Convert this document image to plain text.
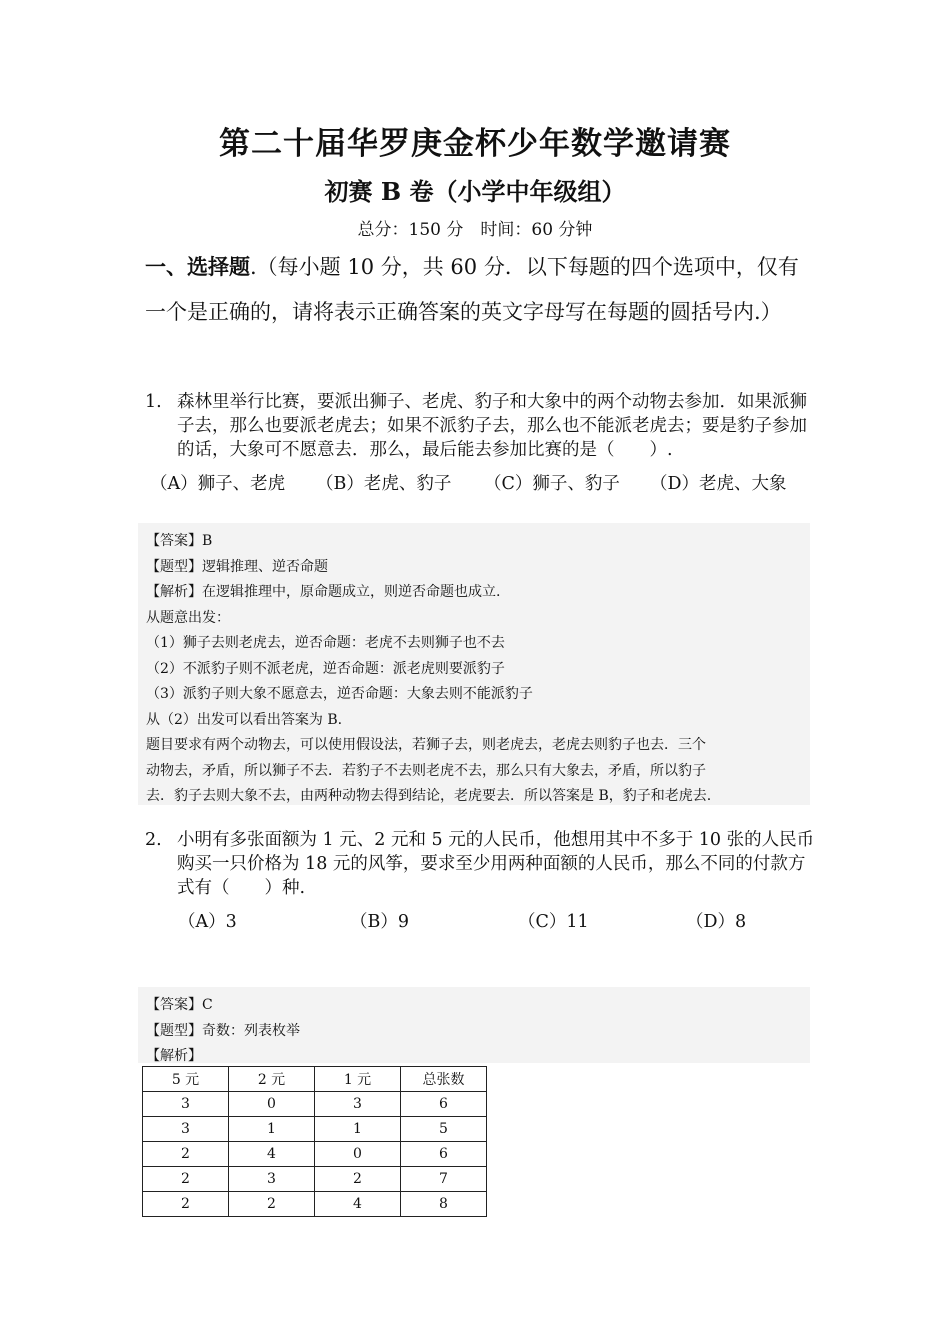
第二十届华罗庚金杯少年数学邀请赛
初赛 B 卷（小学中年级组）
总分：150 分　时间：60 分钟
一、选择题.（每小题 10 分，共 60 分．以下每题的四个选项中，仅有一个是正确的，请将表示正确答案的英文字母写在每题的圆括号内.）
1. 森林里举行比赛，要派出狮子、老虎、豹子和大象中的两个动物去参加．如果派狮子去，那么也要派老虎去；如果不派豹子去，那么也不能派老虎去；要是豹子参加的话，大象可不愿意去．那么，最后能去参加比赛的是（　　）.
（A）狮子、老虎 （B）老虎、豹子 （C）狮子、豹子 （D）老虎、大象
【答案】B
【题型】逻辑推理、逆否命题
【解析】在逻辑推理中，原命题成立，则逆否命题也成立.
从题意出发：
（1）狮子去则老虎去，逆否命题：老虎不去则狮子也不去
（2）不派豹子则不派老虎，逆否命题：派老虎则要派豹子
（3）派豹子则大象不愿意去，逆否命题：大象去则不能派豹子
从（2）出发可以看出答案为 B.
题目要求有两个动物去，可以使用假设法，若狮子去，则老虎去，老虎去则豹子也去．三个
动物去，矛盾，所以狮子不去．若豹子不去则老虎不去，那么只有大象去，矛盾，所以豹子
去．豹子去则大象不去，由两种动物去得到结论，老虎要去．所以答案是 B，豹子和老虎去.
2. 小明有多张面额为 1 元、2 元和 5 元的人民币，他想用其中不多于 10 张的人民币购买一只价格为 18 元的风筝，要求至少用两种面额的人民币，那么不同的付款方式有（　　）种.
（A）3	（B）9	（C）11	（D）8
【答案】C
【题型】奇数：列表枚举
【解析】
5 元	2 元	1 元	总张数
3	0	3	6
3	1	1	5
2	4	0	6
2	3	2	7
2	2	4	8
